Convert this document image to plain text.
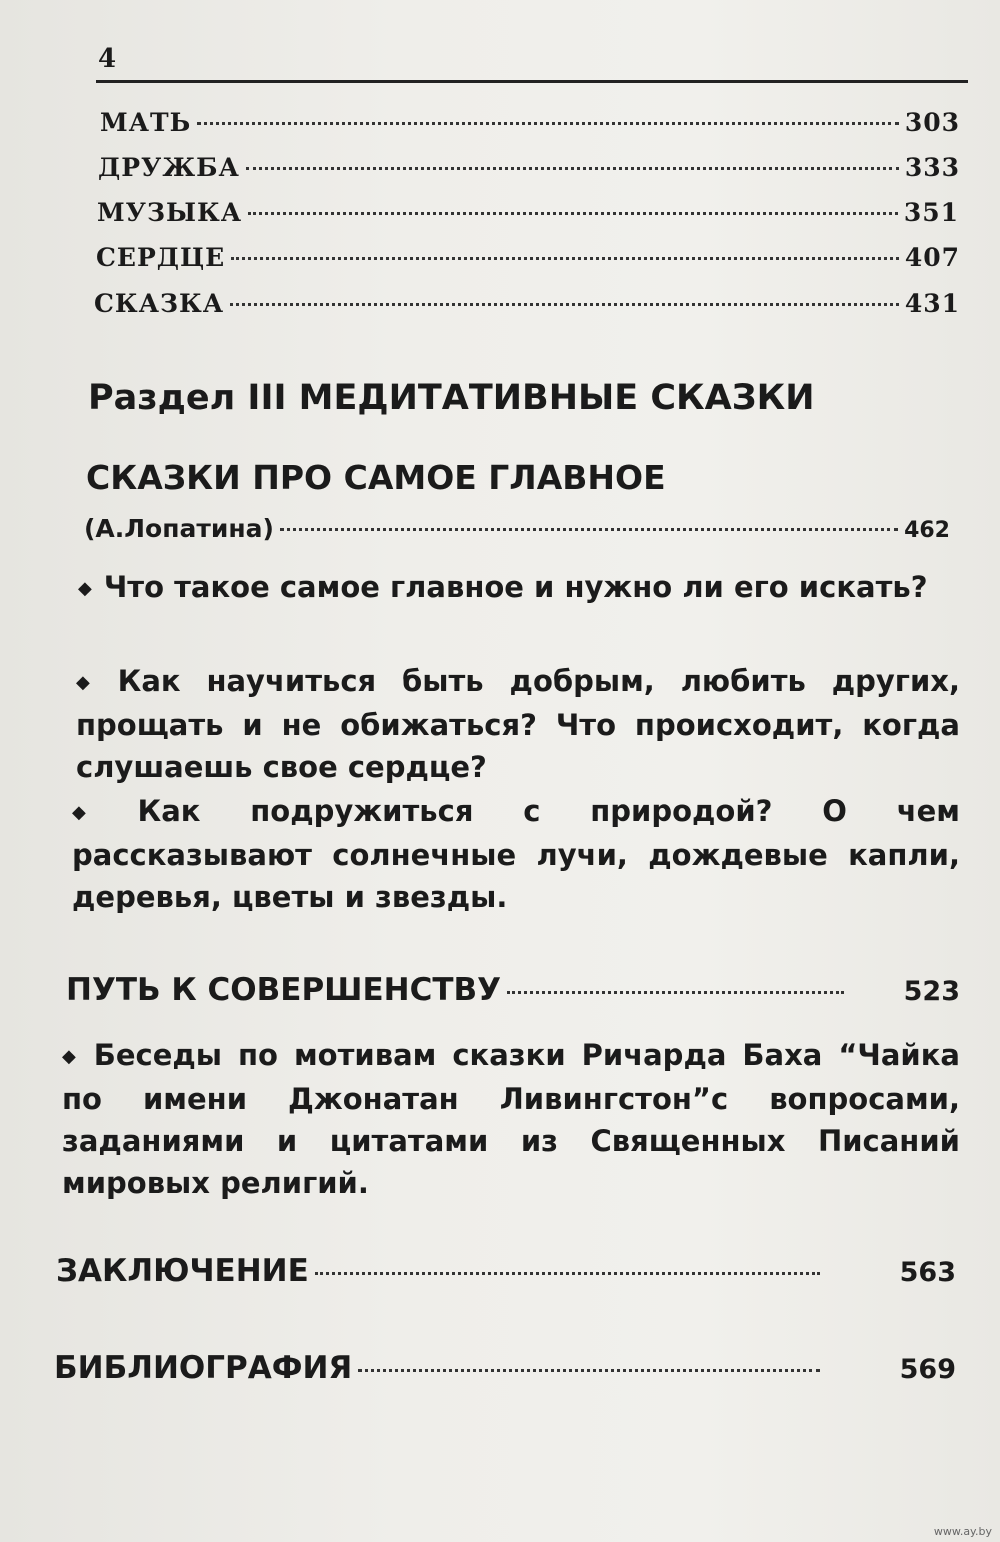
4
МАТЬ	303
ДРУЖБА	333
МУЗЫКА	351
СЕРДЦЕ	407
СКАЗКА	431
Раздел III МЕДИТАТИВНЫЕ СКАЗКИ
СКАЗКИ ПРО САМОЕ ГЛАВНОЕ
(А.Лопатина)	462
◆ Что такое самое главное и нужно ли его искать?
◆ Как научиться быть добрым, любить других, прощать и не обижаться? Что происходит, когда слушаешь свое сердце?
◆ Как подружиться с природой? О чем рассказывают солнечные лучи, дождевые капли, деревья, цветы и звезды.
ПУТЬ К СОВЕРШЕНСТВУ	523
◆ Беседы по мотивам сказки Ричарда Баха “Чайка по имени Джонатан Ливингстон”с вопросами, заданиями и цитатами из Священных Писаний мировых религий.
ЗАКЛЮЧЕНИЕ	563
БИБЛИОГРАФИЯ	569
www.ay.by
